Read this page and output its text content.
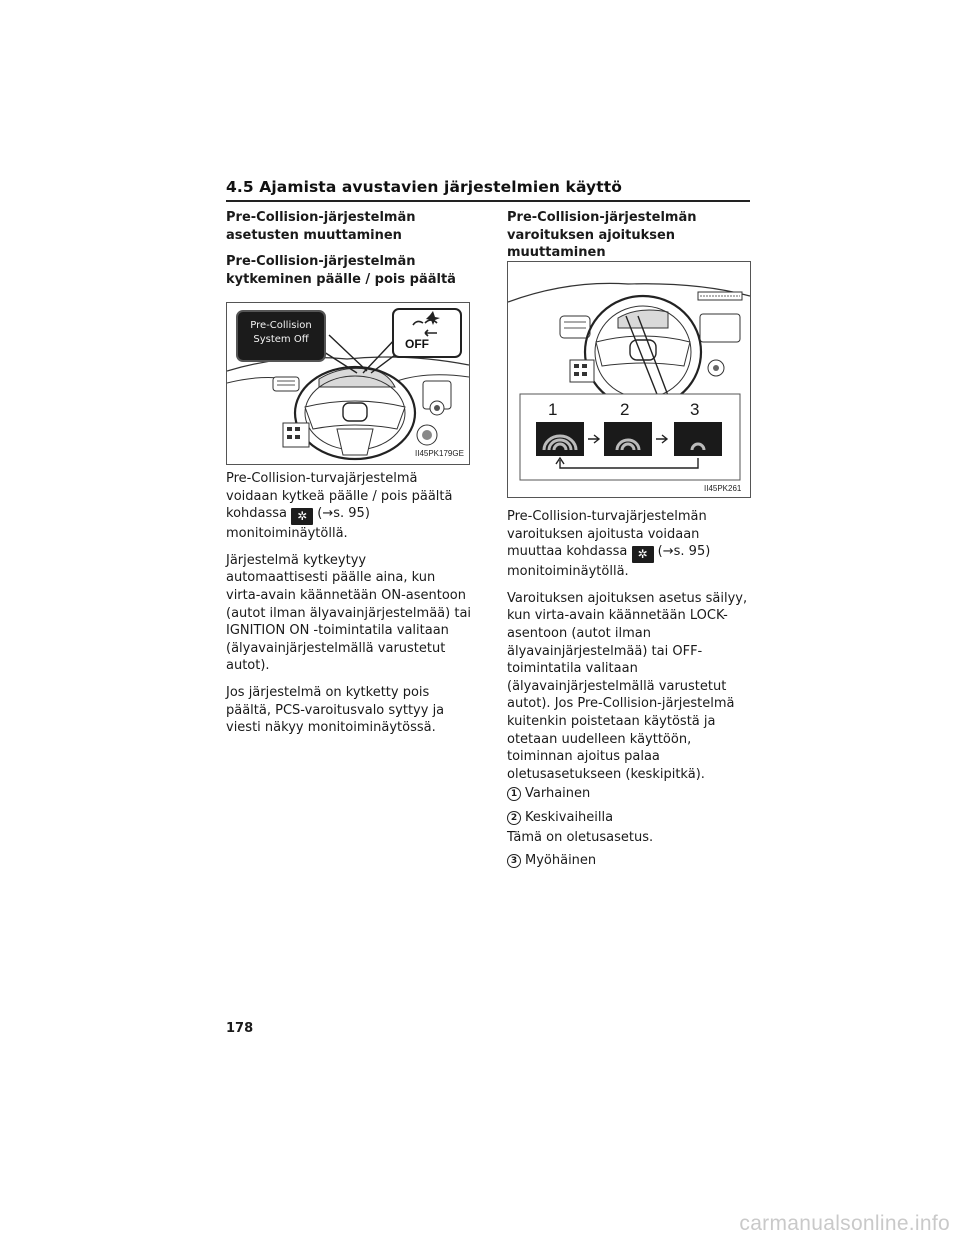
4.5 Ajamista avustavien järjestelmien käyttö
Pre-Collision-järjestelmän asetusten muuttaminen
Pre-Collision-järjestelmän kytkeminen päälle / pois päältä
Pre-Collision
System Off	OFF
II45PK179GE

Pre-Collision-turvajärjestelmä voidaan kytkeä päälle / pois päältä kohdassa ✲ (→s. 95) monitoiminäytöllä.

Järjestelmä kytkeytyy automaattisesti päälle aina, kun virta-avain käännetään ON-asentoon (autot ilman älyavainjärjestelmää) tai IGNITION ON -toimintatila valitaan (älyavainjärjestelmällä varustetut autot).

Jos järjestelmä on kytketty pois päältä, PCS-varoitusvalo syttyy ja viesti näkyy monitoiminäytössä.

Pre-Collision-järjestelmän varoituksen ajoituksen muuttaminen
1	2	3
II45PK261

Pre-Collision-turvajärjestelmän varoituksen ajoitusta voidaan muuttaa kohdassa ✲ (→s. 95) monitoiminäytöllä.

Varoituksen ajoituksen asetus säilyy, kun virta-avain käännetään LOCK-asentoon (autot ilman älyavainjärjestelmää) tai OFF-toimintatila valitaan (älyavainjärjestelmällä varustetut autot). Jos Pre-Collision-järjestelmä kuitenkin poistetaan käytöstä ja otetaan uudelleen käyttöön, toiminnan ajoitus palaa oletusasetukseen (keskipitkä).

1 Varhainen
2 Keskivaiheilla

Tämä on oletusasetus.

3 Myöhäinen
178
carmanualsonline.info
